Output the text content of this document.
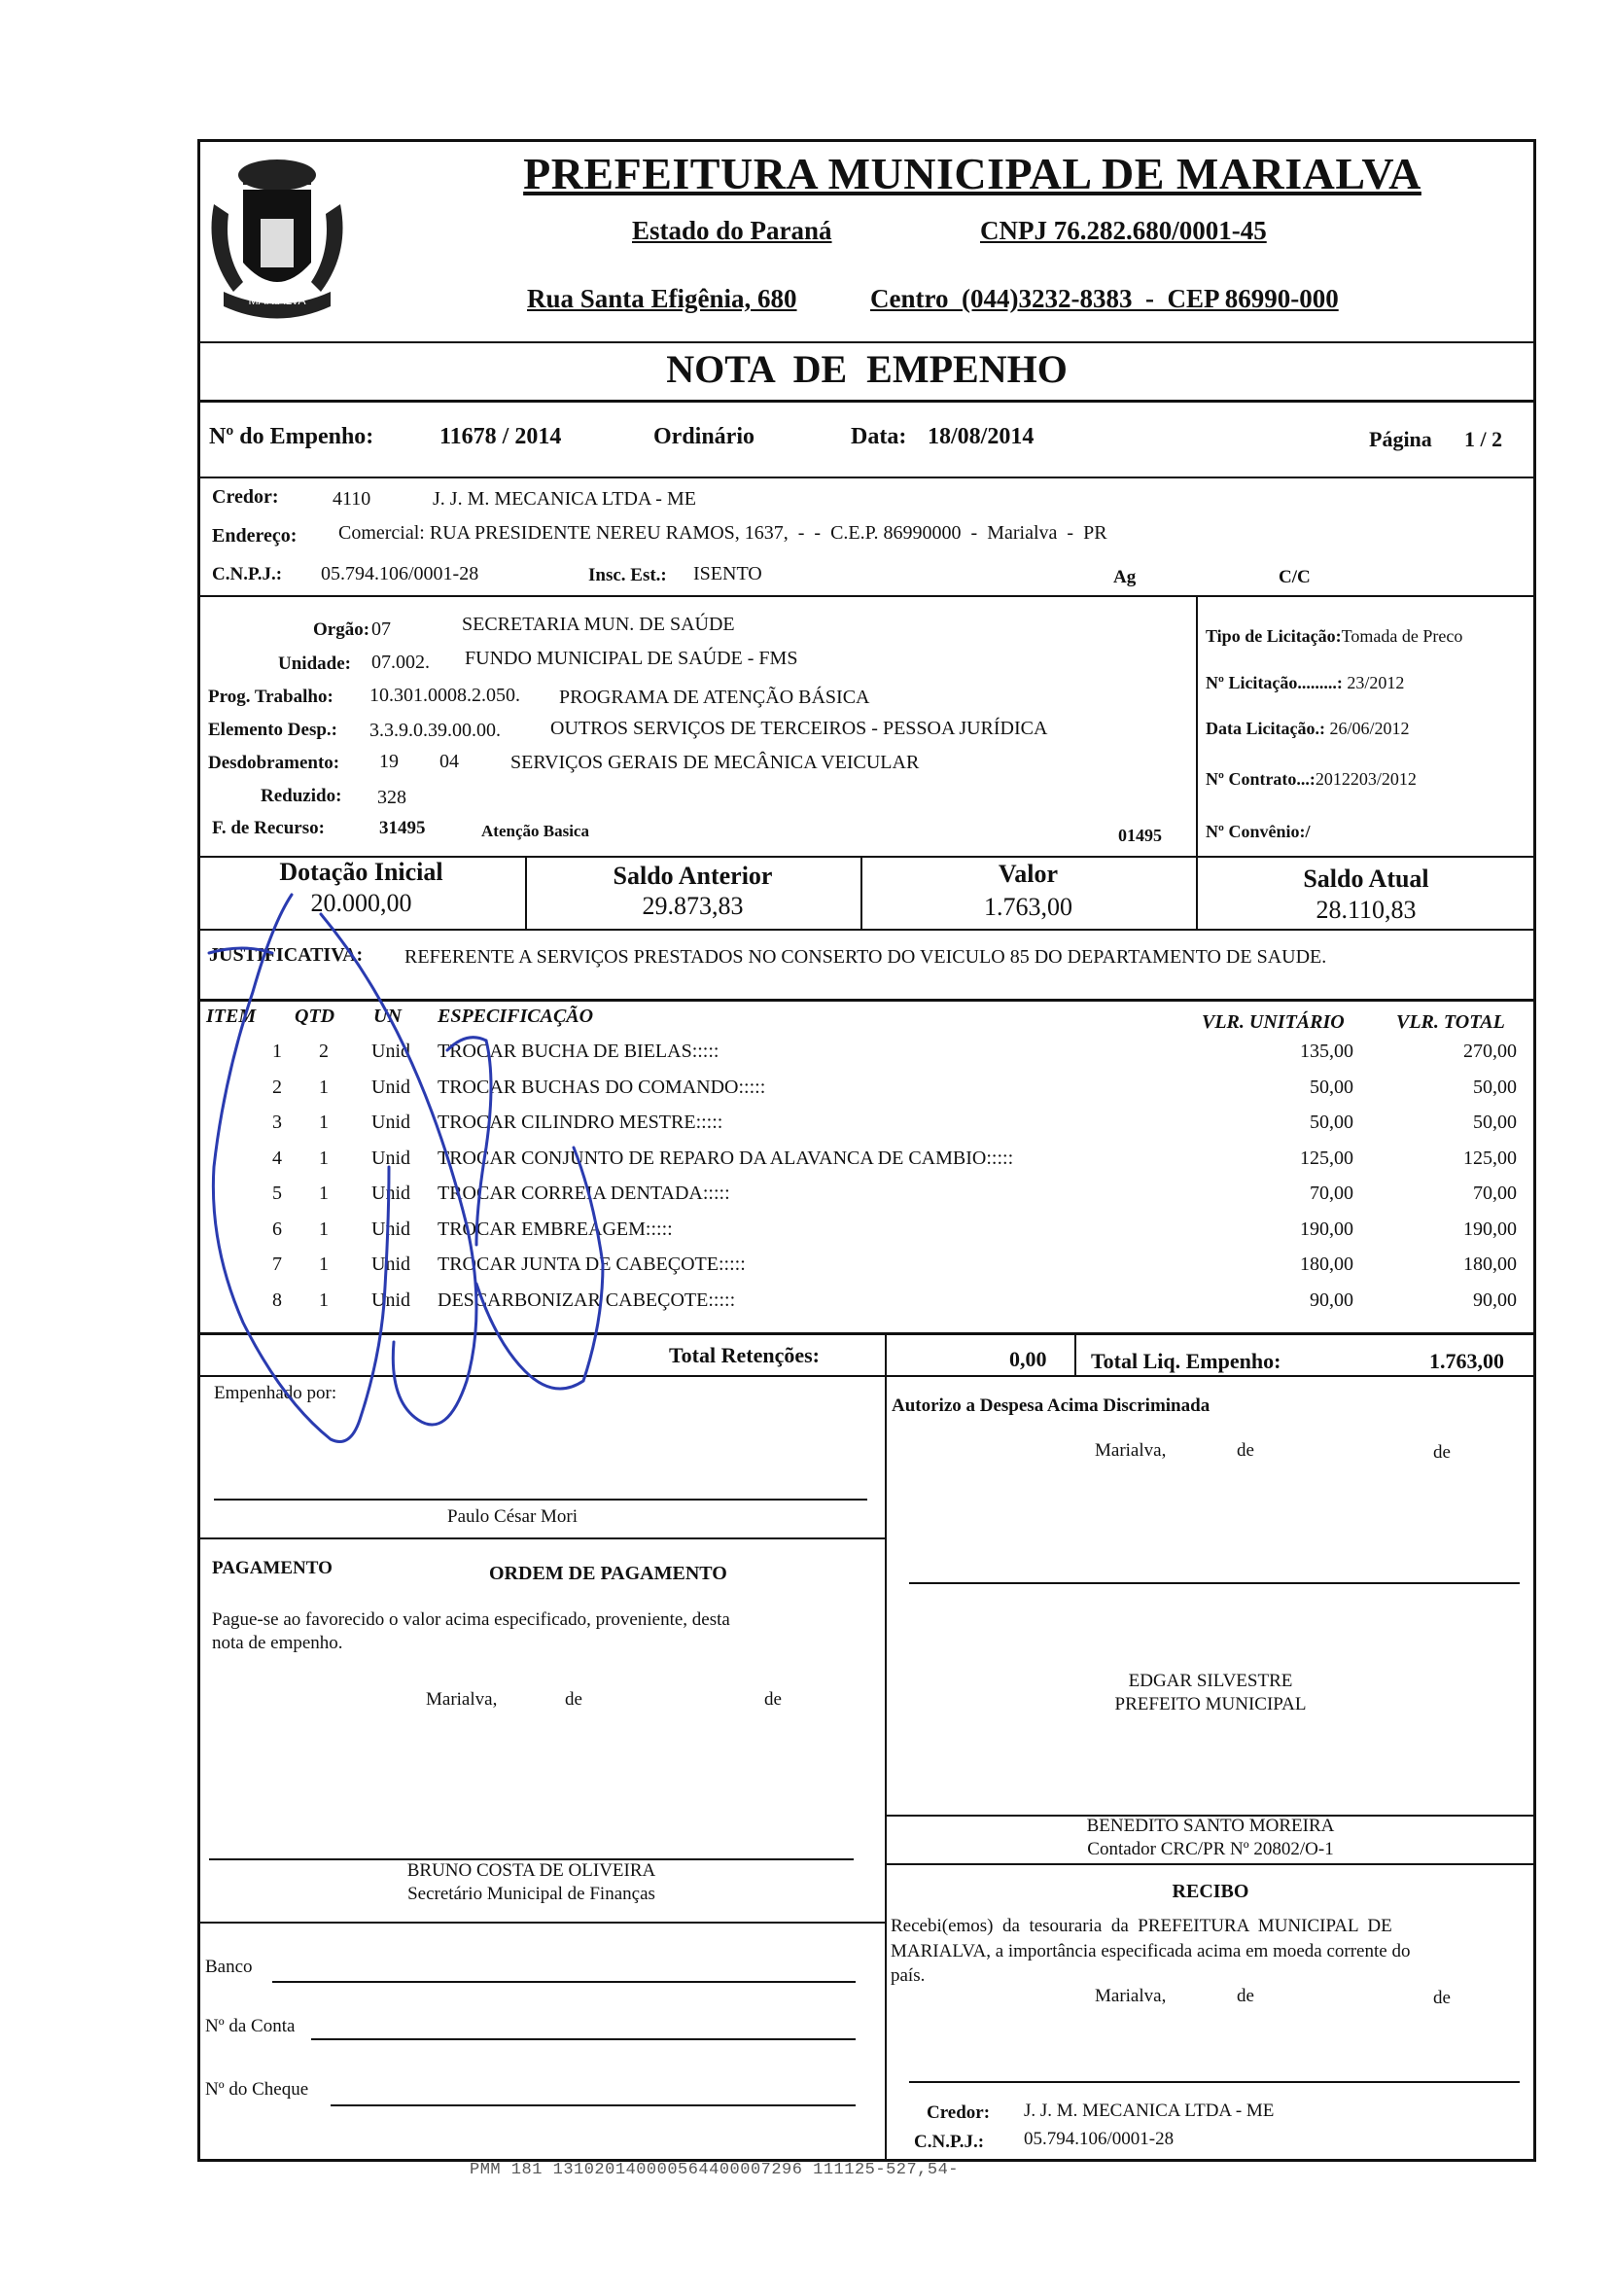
MARIALVA
PREFEITURA MUNICIPAL DE MARIALVA
Estado do Paraná	CNPJ 76.282.680/0001-45
Rua Santa Efigênia, 680	Centro  (044)3232-8383  -  CEP 86990-000
NOTA  DE  EMPENHO
Nº do Empenho:	11678 / 2014	Ordinário	Data: 18/08/2014	Página 1 / 2
Credor:	4110	J. J. M. MECANICA LTDA - ME
Endereço: Comercial: RUA PRESIDENTE NEREU RAMOS, 1637,  -  -  C.E.P. 86990000  -  Marialva  -  PR
C.N.P.J.: 05.794.106/0001-28	Insc. Est.: ISENTO	Ag	C/C
Orgão: 07	SECRETARIA MUN. DE SAÚDE
Unidade: 07.002. FUNDO MUNICIPAL DE SAÚDE - FMS
Prog. Trabalho: 10.301.0008.2.050. PROGRAMA DE ATENÇÃO BÁSICA
Elemento Desp.: 3.3.9.0.39.00.00.	OUTROS SERVIÇOS DE TERCEIROS - PESSOA JURÍDICA
Desdobramento: 19 04	SERVIÇOS GERAIS DE MECÂNICA VEICULAR
Reduzido: 328
F. de Recurso:	31495	Atenção Basica	01495
Tipo de Licitação:Tomada de Preco
Nº Licitação.........: 23/2012
Data Licitação.: 26/06/2012
Nº Contrato...:2012203/2012
Nº Convênio:/
Dotação Inicial
20.000,00
Saldo Anterior
29.873,83
Valor
1.763,00
Saldo Atual
28.110,83
JUSTIFICATIVA: REFERENTE A SERVIÇOS PRESTADOS NO CONSERTO DO VEICULO 85 DO DEPARTAMENTO DE SAUDE.
ITEM QTD UN ESPECIFICAÇÃO	VLR. UNITÁRIO	VLR. TOTAL
1	2 Unid	TROCAR BUCHA DE BIELAS:::::	135,00	270,00
2	1 Unid	TROCAR BUCHAS DO COMANDO:::::	50,00	50,00
3	1 Unid	TROCAR CILINDRO MESTRE:::::	50,00	50,00
4	1 Unid	TROCAR CONJUNTO DE REPARO DA ALAVANCA DE CAMBIO:::::	125,00	125,00
5	1 Unid	TROCAR CORREIA DENTADA:::::	70,00	70,00
6	1 Unid	TROCAR EMBREAGEM:::::	190,00	190,00
7	1 Unid	TROCAR JUNTA DE CABEÇOTE:::::	180,00	180,00
8	1 Unid	DESCARBONIZAR CABEÇOTE:::::	90,00	90,00
Total Retenções:	0,00 Total Liq. Empenho:	1.763,00
Empenhado por:
Paulo César Mori
Autorizo a Despesa Acima Discriminada
Marialva,	de	de
EDGAR SILVESTRE
PREFEITO MUNICIPAL
BENEDITO SANTO MOREIRA
Contador CRC/PR Nº 20802/O-1
RECIBO
Recebi(emos)  da  tesouraria  da  PREFEITURA  MUNICIPAL  DE
MARIALVA, a importância especificada acima em moeda corrente do
país.
Marialva,	de	de
Credor: J. J. M. MECANICA LTDA - ME
C.N.P.J.: 05.794.106/0001-28
PAGAMENTO	ORDEM DE PAGAMENTO
Pague-se ao favorecido o valor acima especificado, proveniente, desta
nota de empenho.
Marialva,	de	de
BRUNO COSTA DE OLIVEIRA
Secretário Municipal de Finanças
Banco
Nº da Conta
Nº do Cheque
PMM 181 131020140000564400007296 111125-527,54-
